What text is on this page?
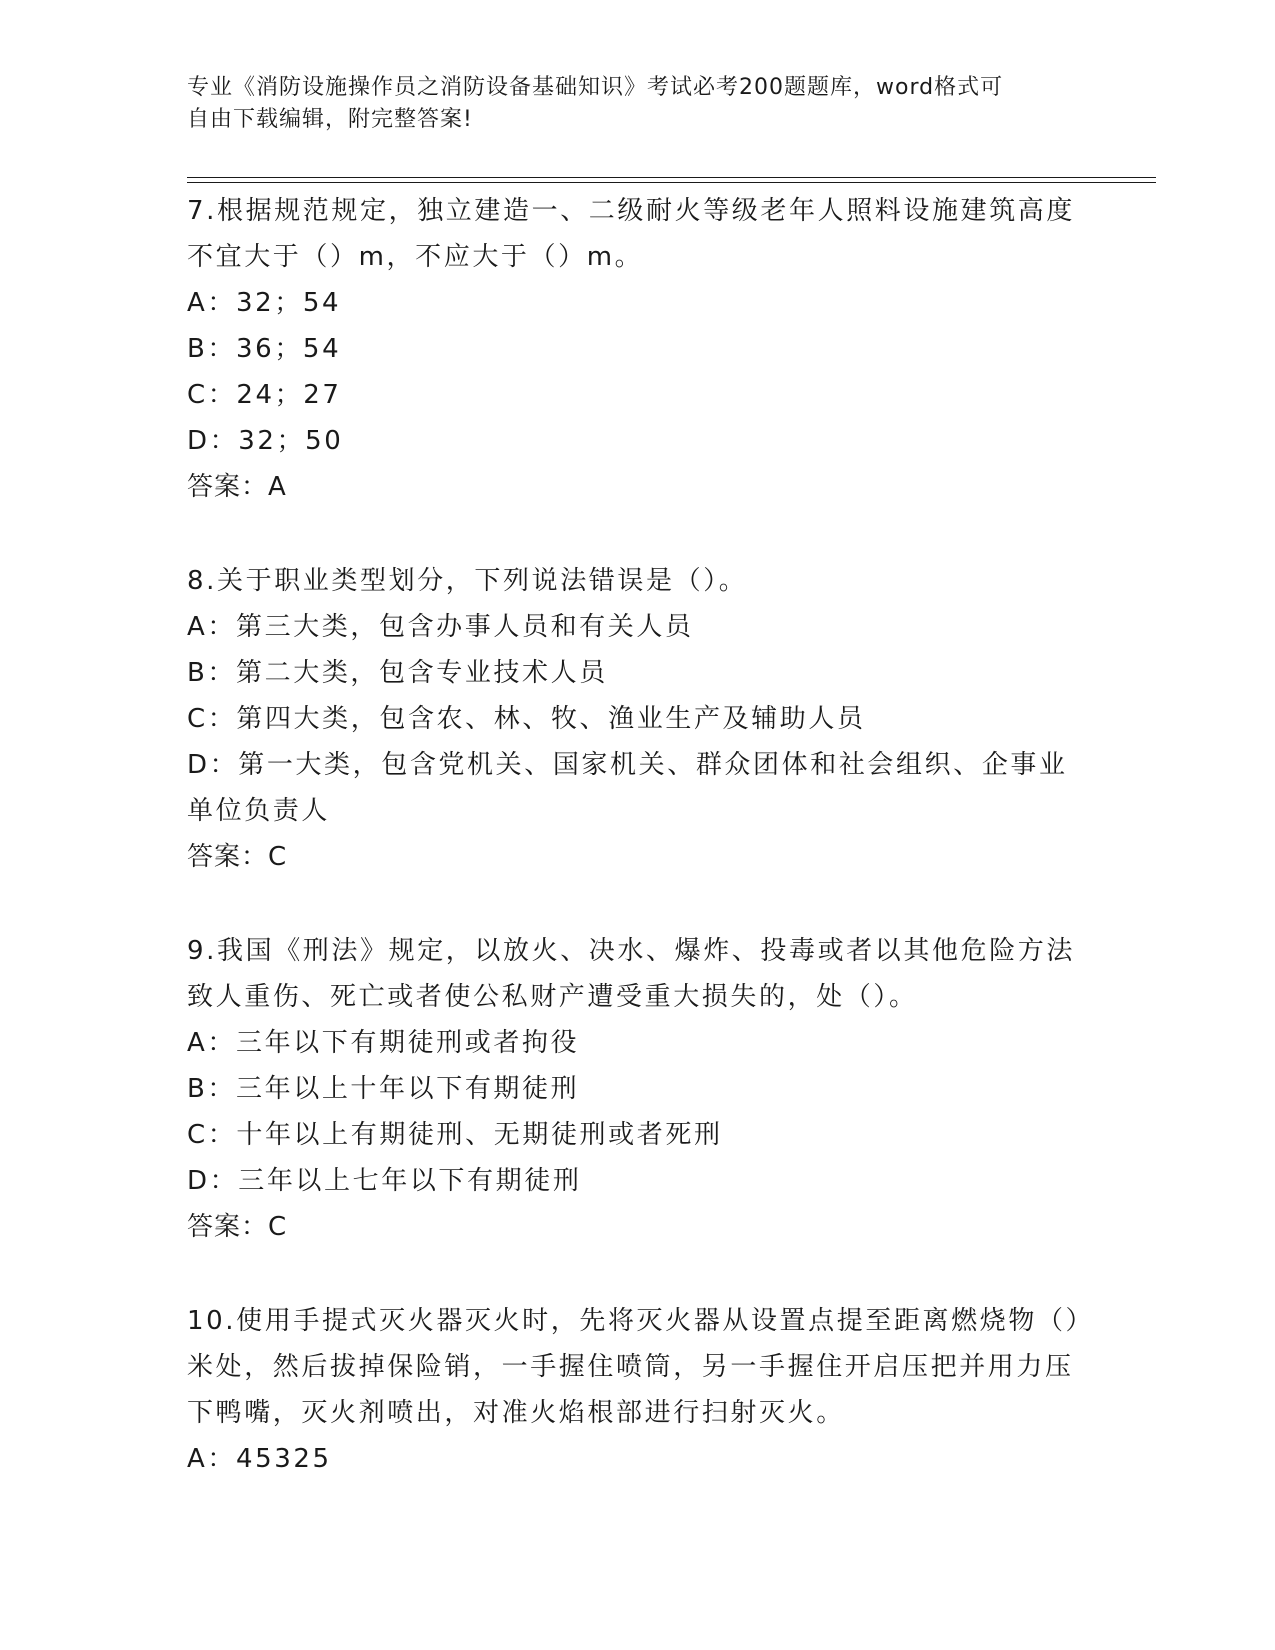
专业《消防设施操作员之消防设备基础知识》考试必考200题题库，word格式可
自由下载编辑，附完整答案!

7.根据规范规定，独立建造一、二级耐火等级老年人照料设施建筑高度不宜大于（）m，不应大于（）m。

A：32；54

B：36；54

C：24；27

D：32；50

答案：A

8.关于职业类型划分，下列说法错误是（）。

A：第三大类，包含办事人员和有关人员

B：第二大类，包含专业技术人员

C：第四大类，包含农、林、牧、渔业生产及辅助人员

D：第一大类，包含党机关、国家机关、群众团体和社会组织、企事业单位负责人

答案：C

9.我国《刑法》规定，以放火、决水、爆炸、投毒或者以其他危险方法致人重伤、死亡或者使公私财产遭受重大损失的，处（）。

A：三年以下有期徒刑或者拘役

B：三年以上十年以下有期徒刑

C：十年以上有期徒刑、无期徒刑或者死刑

D：三年以上七年以下有期徒刑

答案：C

10.使用手提式灭火器灭火时，先将灭火器从设置点提至距离燃烧物（）米处，然后拔掉保险销，一手握住喷筒，另一手握住开启压把并用力压下鸭嘴，灭火剂喷出，对准火焰根部进行扫射灭火。

A：45325
